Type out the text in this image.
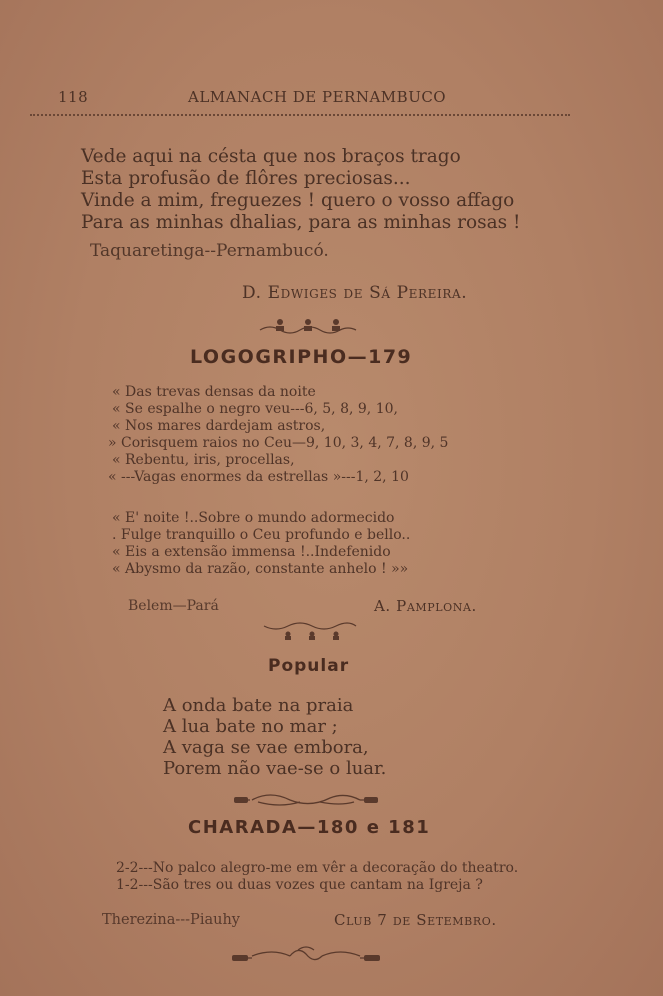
118	ALMANACH DE PERNAMBUCO
Vede aqui na césta que nos braços trago
Esta profusão de flôres preciosas...
Vinde a mim, freguezes ! quero o vosso affago
Para as minhas dhalias, para as minhas rosas !
Taquaretinga--Pernambucó.
D. Edwiges de Sá Pereira.
LOGOGRIPHO—179
« Das trevas densas da noite
« Se espalhe o negro veu---6, 5, 8, 9, 10,
« Nos mares dardejam astros,
» Corisquem raios no Ceu—9, 10, 3, 4, 7, 8, 9, 5
« Rebentu, iris, procellas,
« ---Vagas enormes da estrellas »---1, 2, 10
« E' noite !..Sobre o mundo adormecido
. Fulge tranquillo o Ceu profundo e bello..
« Eis a extensão immensa !..Indefenido
« Abysmo da razão, constante anhelo ! »»
Belem—Pará	A. Pamplona.
Popular
A onda bate na praia
A lua bate no mar ;
A vaga se vae embora,
Porem não vae-se o luar.
CHARADA—180 e 181
2-2---No palco alegro-me em vêr a decoração do theatro.
1-2---São tres ou duas vozes que cantam na Igreja ?
Therezina---Piauhy	Club 7 de Setembro.
